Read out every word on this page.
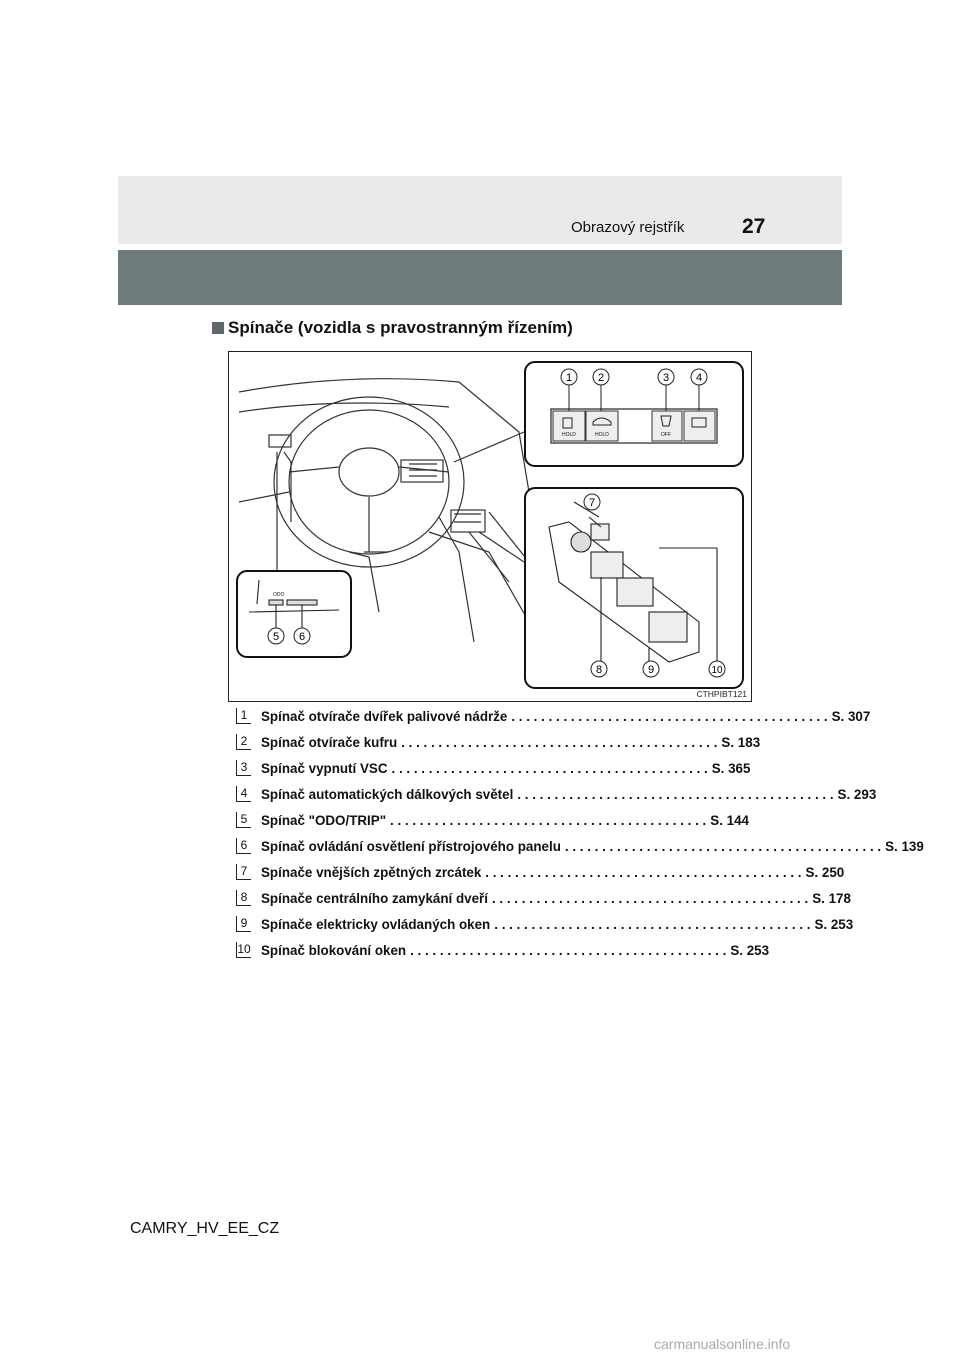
Obrazový rejstřík	27
Spínače (vozidla s pravostranným řízením)
HOLD	HOLD	OFF
1 2	3 4
7
8	9	10
ODO
5 6
CTHPIBT121
1 Spínač otvírače dvířek palivové nádrže . . . . . . . . . . . . . . . . . . . . . . . . . . . . . . . . . . . . . . . . . . . S. 307
2 Spínač otvírače kufru . . . . . . . . . . . . . . . . . . . . . . . . . . . . . . . . . . . . . . . . . . . S. 183
3 Spínač vypnutí VSC . . . . . . . . . . . . . . . . . . . . . . . . . . . . . . . . . . . . . . . . . . . S. 365
4 Spínač automatických dálkových světel . . . . . . . . . . . . . . . . . . . . . . . . . . . . . . . . . . . . . . . . . . . S. 293
5 Spínač "ODO/TRIP" . . . . . . . . . . . . . . . . . . . . . . . . . . . . . . . . . . . . . . . . . . . S. 144
6 Spínač ovládání osvětlení přístrojového panelu . . . . . . . . . . . . . . . . . . . . . . . . . . . . . . . . . . . . . . . . . . . S. 139
7 Spínače vnějších zpětných zrcátek . . . . . . . . . . . . . . . . . . . . . . . . . . . . . . . . . . . . . . . . . . . S. 250
8 Spínače centrálního zamykání dveří . . . . . . . . . . . . . . . . . . . . . . . . . . . . . . . . . . . . . . . . . . . S. 178
9 Spínače elektricky ovládaných oken . . . . . . . . . . . . . . . . . . . . . . . . . . . . . . . . . . . . . . . . . . . S. 253
10 Spínač blokování oken . . . . . . . . . . . . . . . . . . . . . . . . . . . . . . . . . . . . . . . . . . . S. 253
CAMRY_HV_EE_CZ
carmanualsonline.info
